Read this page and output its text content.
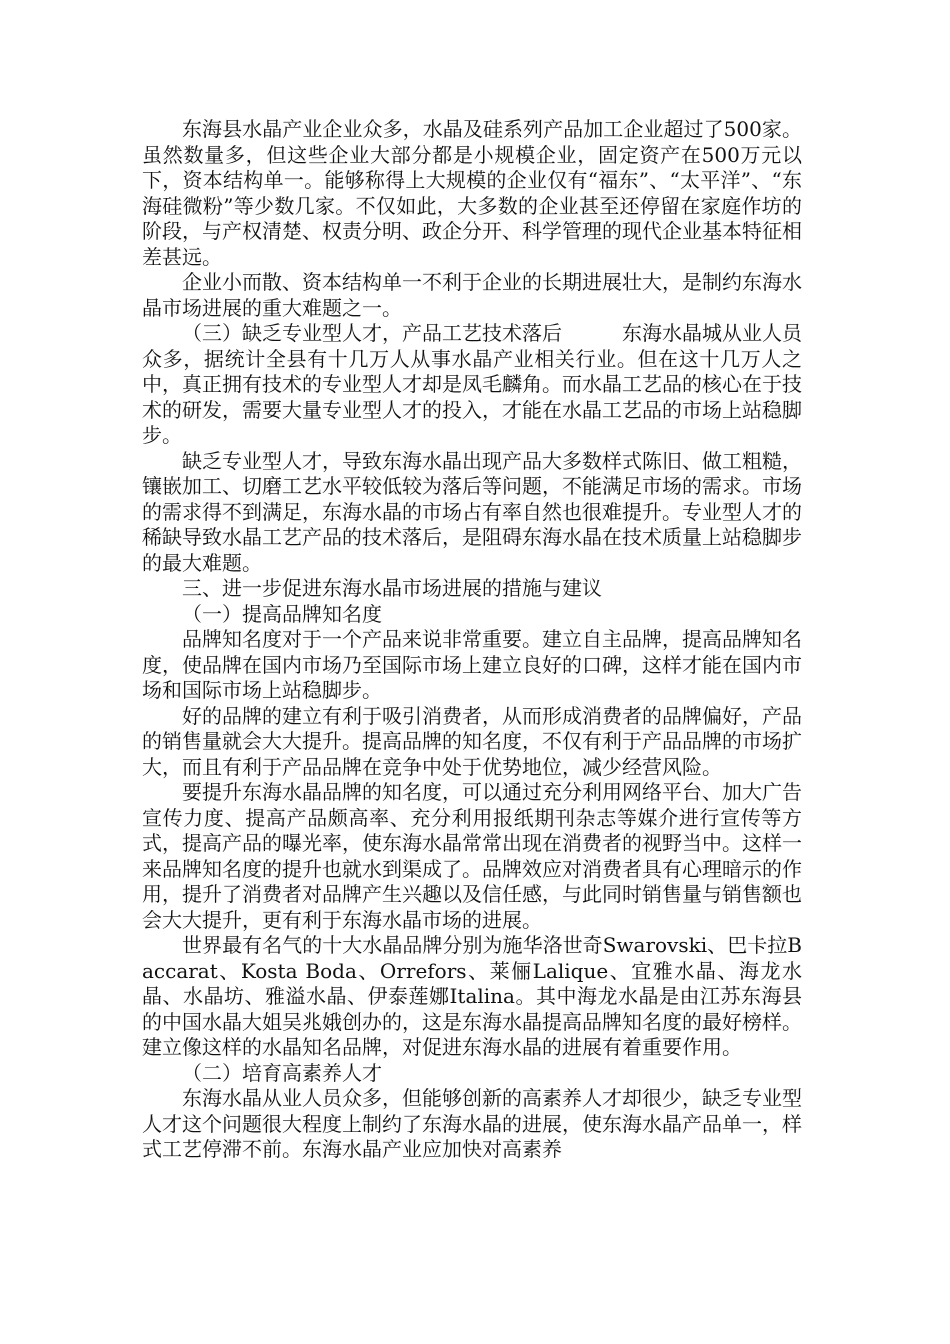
东海县水晶产业企业众多，水晶及硅系列产品加工企业超过了500家。虽然数量多，但这些企业大部分都是小规模企业，固定资产在500万元以下，资本结构单一。能够称得上大规模的企业仅有“福东”、“太平洋”、“东海硅微粉”等少数几家。不仅如此，大多数的企业甚至还停留在家庭作坊的阶段，与产权清楚、权责分明、政企分开、科学管理的现代企业基本特征相差甚远。

企业小而散、资本结构单一不利于企业的长期进展壮大，是制约东海水晶市场进展的重大难题之一。

（三）缺乏专业型人才，产品工艺技术落后　　　东海水晶城从业人员众多，据统计全县有十几万人从事水晶产业相关行业。但在这十几万人之中，真正拥有技术的专业型人才却是凤毛麟角。而水晶工艺品的核心在于技术的研发，需要大量专业型人才的投入，才能在水晶工艺品的市场上站稳脚步。

缺乏专业型人才，导致东海水晶出现产品大多数样式陈旧、做工粗糙，镶嵌加工、切磨工艺水平较低较为落后等问题，不能满足市场的需求。市场的需求得不到满足，东海水晶的市场占有率自然也很难提升。专业型人才的稀缺导致水晶工艺产品的技术落后，是阻碍东海水晶在技术质量上站稳脚步的最大难题。

三、进一步促进东海水晶市场进展的措施与建议

（一）提高品牌知名度

品牌知名度对于一个产品来说非常重要。建立自主品牌，提高品牌知名度，使品牌在国内市场乃至国际市场上建立良好的口碑，这样才能在国内市场和国际市场上站稳脚步。

好的品牌的建立有利于吸引消费者，从而形成消费者的品牌偏好，产品的销售量就会大大提升。提高品牌的知名度，不仅有利于产品品牌的市场扩大，而且有利于产品品牌在竞争中处于优势地位，减少经营风险。

要提升东海水晶品牌的知名度，可以通过充分利用网络平台、加大广告宣传力度、提高产品颇高率、充分利用报纸期刊杂志等媒介进行宣传等方式，提高产品的曝光率，使东海水晶常常出现在消费者的视野当中。这样一来品牌知名度的提升也就水到渠成了。品牌效应对消费者具有心理暗示的作用，提升了消费者对品牌产生兴趣以及信任感，与此同时销售量与销售额也会大大提升，更有利于东海水晶市场的进展。

世界最有名气的十大水晶品牌分别为施华洛世奇Swarovski、巴卡拉Baccarat、Kosta Boda、Orrefors、莱俪Lalique、宜雅水晶、海龙水晶、水晶坊、雅溢水晶、伊泰莲娜Italina。其中海龙水晶是由江苏东海县的中国水晶大姐吴兆娥创办的，这是东海水晶提高品牌知名度的最好榜样。建立像这样的水晶知名品牌，对促进东海水晶的进展有着重要作用。

（二）培育高素养人才

东海水晶从业人员众多，但能够创新的高素养人才却很少，缺乏专业型人才这个问题很大程度上制约了东海水晶的进展，使东海水晶产品单一，样式工艺停滞不前。东海水晶产业应加快对高素养
